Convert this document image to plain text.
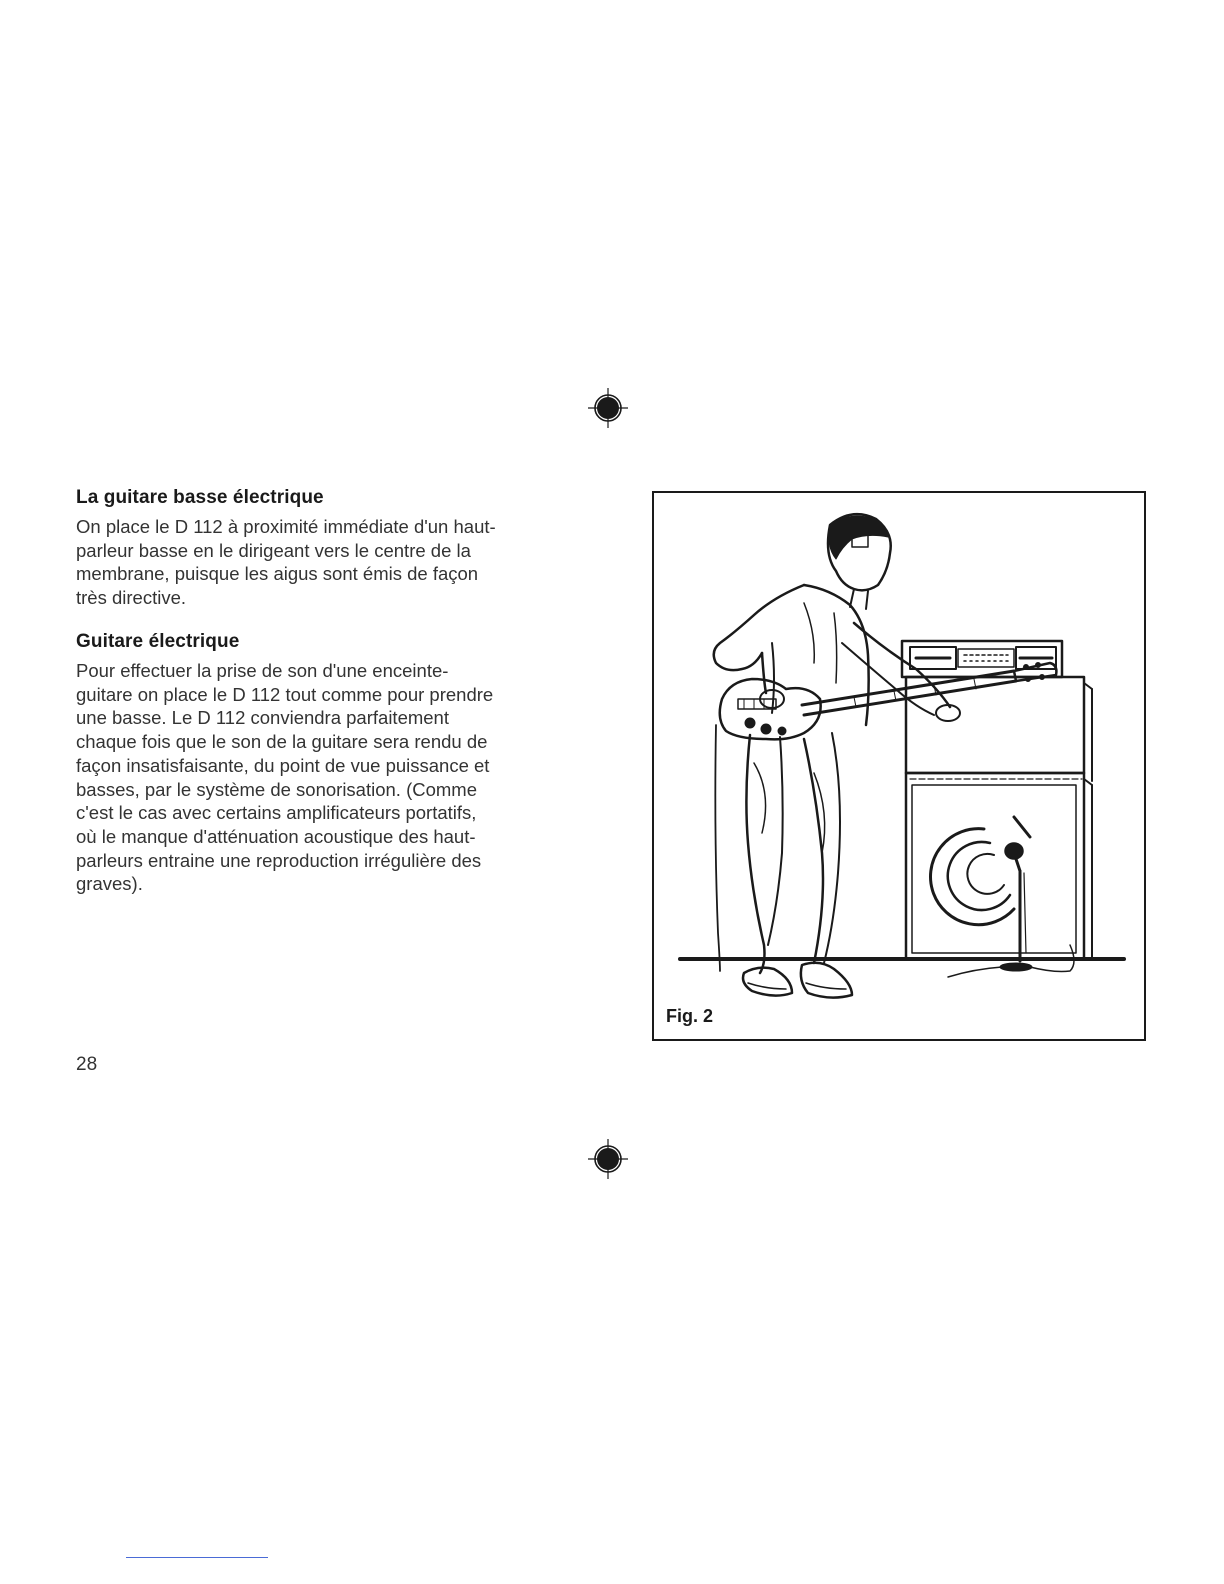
La guitare basse électrique

On place le D 112 à proximité immédiate d'un haut-
parleur basse en le dirigeant vers le centre de la
membrane, puisque les aigus sont émis de façon
très directive.

Guitare électrique

Pour effectuer la prise de son d'une enceinte-
guitare on place le D 112 tout comme pour prendre
une basse. Le D 112 conviendra parfaitement
chaque fois que le son de la guitare sera rendu de
façon insatisfaisante, du point de vue puissance et
basses, par le système de sonorisation. (Comme
c'est le cas avec certains amplificateurs portatifs,
où le manque d'atténuation acoustique des haut-
parleurs entraine une reproduction irrégulière des
graves).

Fig. 2
28
